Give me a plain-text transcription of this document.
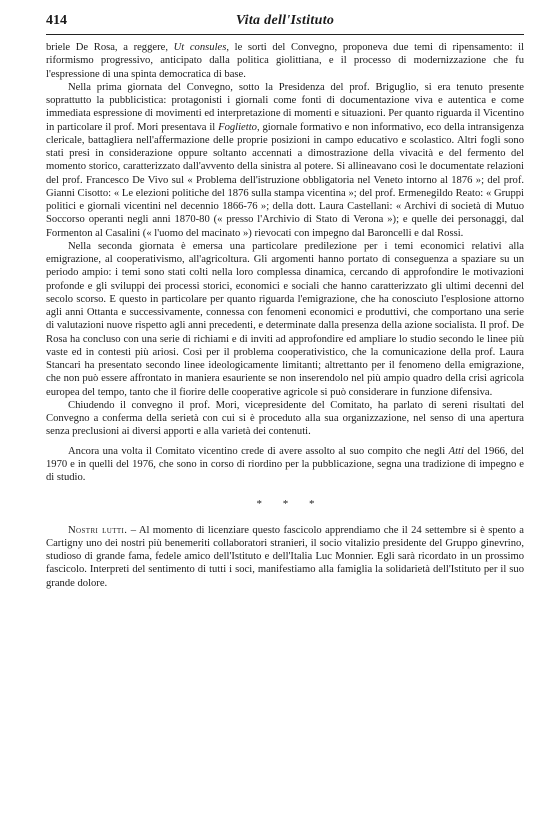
414	Vita dell'Istituto

briele De Rosa, a reggere, Ut consules, le sorti del Convegno, proponeva due temi di ripensamento: il riformismo progressivo, anticipato dalla politica giolittiana, e il processo di modernizzazione che fu l'espressione di una spinta democratica di base.

Nella prima giornata del Convegno, sotto la Presidenza del prof. Briguglio, si era tenuto presente soprattutto la pubblicistica: protagonisti i giornali come fonti di documentazione viva e autentica e come immediata espressione di movimenti ed interpretazione di momenti e situazioni. Per quanto riguarda il Vicentino in particolare il prof. Mori presentava il Foglietto, giornale formativo e non informativo, eco della intransigenza clericale, battagliera nell'affermazione delle proprie posizioni in campo educativo e scolastico. Altri fogli sono stati presi in considerazione oppure soltanto accennati a dimostrazione della vivacità e del fermento del momento storico, caratterizzato dall'avvento della sinistra al potere. Si allineavano così le documentate relazioni del prof. Francesco De Vivo sul « Problema dell'istruzione obbligatoria nel Veneto intorno al 1876 »; del prof. Gianni Cisotto: « Le elezioni politiche del 1876 sulla stampa vicentina »; del prof. Ermenegildo Reato: « Gruppi politici e giornali vicentini nel decennio 1866-76 »; della dott. Laura Castellani: « Archivi di società di Mutuo Soccorso operanti negli anni 1870-80 (« presso l'Archivio di Stato di Verona »); e quelle dei personaggi, dal Formenton al Casalini (« l'uomo del macinato ») rievocati con impegno dal Baroncelli e dal Rossi.

Nella seconda giornata è emersa una particolare predilezione per i temi economici relativi alla emigrazione, al cooperativismo, all'agricoltura. Gli argomenti hanno portato di conseguenza a spaziare su un periodo ampio: i temi sono stati colti nella loro complessa dinamica, cercando di approfondire le motivazioni profonde e gli sviluppi dei processi storici, economici e sociali che hanno caratterizzato gli ultimi decenni del secolo scorso. E questo in particolare per quanto riguarda l'emigrazione, che ha conosciuto l'esplosione attorno agli anni Ottanta e successivamente, connessa con fenomeni economici e produttivi, che comportano una serie di valutazioni nuove rispetto agli anni precedenti, e determinate dalla presenza della azione socialista. Il prof. De Rosa ha concluso con una serie di richiami e di inviti ad approfondire ed ampliare lo studio secondo le linee più vaste ed in contesti più ariosi. Così per il problema cooperativistico, che la comunicazione della prof. Laura Stancari ha presentato secondo linee ideologicamente limitanti; altrettanto per il fenomeno della emigrazione, che non può essere affrontato in maniera esauriente se non inserendolo nel più ampio quadro della crisi agricola europea del tempo, tanto che il fiorire delle cooperative agricole si può considerare in funzione difensiva.

Chiudendo il convegno il prof. Mori, vicepresidente del Comitato, ha parlato di sereni risultati del Convegno a conferma della serietà con cui si è proceduto alla sua organizzazione, nel senso di una apertura senza preclusioni ai diversi apporti e alla varietà dei contenuti.

Ancora una volta il Comitato vicentino crede di avere assolto al suo compito che negli Atti del 1966, del 1970 e in quelli del 1976, che sono in corso di riordino per la pubblicazione, segna una tradizione di impegno e di studio.

* * *

Nostri lutti. – Al momento di licenziare questo fascicolo apprendiamo che il 24 settembre si è spento a Cartigny uno dei nostri più benemeriti collaboratori stranieri, il socio vitalizio presidente del Gruppo ginevrino, studioso di grande fama, fedele amico dell'Istituto e dell'Italia Luc Monnier. Egli sarà ricordato in un prossimo fascicolo. Interpreti del sentimento di tutti i soci, manifestiamo alla famiglia la solidarietà dell'Istituto per il suo grande dolore.
